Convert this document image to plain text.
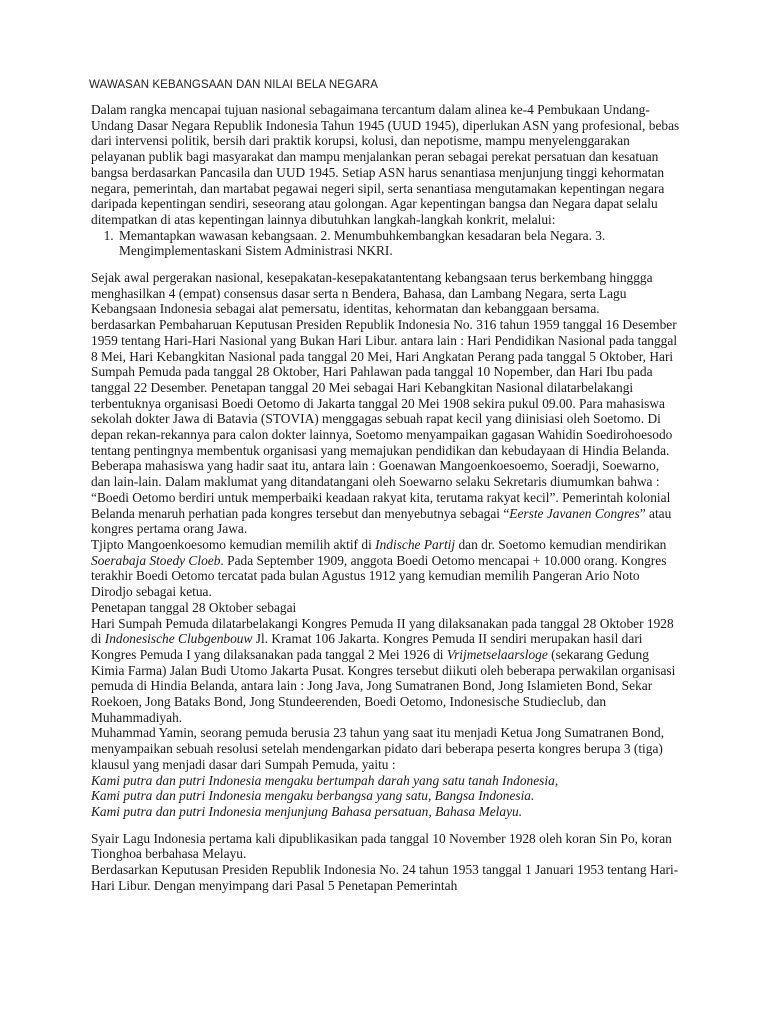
WAWASAN KEBANGSAAN DAN NILAI BELA NEGARA

Dalam rangka mencapai tujuan nasional sebagaimana tercantum dalam alinea ke-4 Pembukaan Undang-Undang Dasar Negara Republik Indonesia Tahun 1945 (UUD 1945), diperlukan ASN yang profesional, bebas dari intervensi politik, bersih dari praktik korupsi, kolusi, dan nepotisme, mampu menyelenggarakan pelayanan publik bagi masyarakat dan mampu menjalankan peran sebagai perekat persatuan dan kesatuan bangsa berdasarkan Pancasila dan UUD 1945. Setiap ASN harus senantiasa menjunjung tinggi kehormatan negara, pemerintah, dan martabat pegawai negeri sipil, serta senantiasa mengutamakan kepentingan negara daripada kepentingan sendiri, seseorang atau golongan. Agar kepentingan bangsa dan Negara dapat selalu ditempatkan di atas kepentingan lainnya dibutuhkan langkah-langkah konkrit, melalui:

1. Memantapkan wawasan kebangsaan. 2. Menumbuhkembangkan kesadaran bela Negara. 3. Mengimplementaskani Sistem Administrasi NKRI.

Sejak awal pergerakan nasional, kesepakatan-kesepakatantentang kebangsaan terus berkembang hinggga menghasilkan 4 (empat) consensus dasar serta n Bendera, Bahasa, dan Lambang Negara, serta Lagu Kebangsaan Indonesia sebagai alat pemersatu, identitas, kehormatan dan kebanggaan bersama.

berdasarkan Pembaharuan Keputusan Presiden Republik Indonesia No. 316 tahun 1959 tanggal 16 Desember 1959 tentang Hari-Hari Nasional yang Bukan Hari Libur. antara lain : Hari Pendidikan Nasional pada tanggal 8 Mei, Hari Kebangkitan Nasional pada tanggal 20 Mei, Hari Angkatan Perang pada tanggal 5 Oktober, Hari Sumpah Pemuda pada tanggal 28 Oktober, Hari Pahlawan pada tanggal 10 Nopember, dan Hari Ibu pada tanggal 22 Desember. Penetapan tanggal 20 Mei sebagai Hari Kebangkitan Nasional dilatarbelakangi terbentuknya organisasi Boedi Oetomo di Jakarta tanggal 20 Mei 1908 sekira pukul 09.00. Para mahasiswa sekolah dokter Jawa di Batavia (STOVIA) menggagas sebuah rapat kecil yang diinisiasi oleh Soetomo. Di depan rekan-rekannya para calon dokter lainnya, Soetomo menyampaikan gagasan Wahidin Soedirohoesodo tentang pentingnya membentuk organisasi yang memajukan pendidikan dan kebudayaan di Hindia Belanda. Beberapa mahasiswa yang hadir saat itu, antara lain : Goenawan Mangoenkoesoemo, Soeradji, Soewarno, dan lain-lain. Dalam maklumat yang ditandatangani oleh Soewarno selaku Sekretaris diumumkan bahwa : “Boedi Oetomo berdiri untuk memperbaiki keadaan rakyat kita, terutama rakyat kecil”. Pemerintah kolonial Belanda menaruh perhatian pada kongres tersebut dan menyebutnya sebagai “Eerste Javanen Congres” atau kongres pertama orang Jawa.

Tjipto Mangoenkoesomo kemudian memilih aktif di Indische Partij dan dr. Soetomo kemudian mendirikan Soerabaja Stoedy Cloeb. Pada September 1909, anggota Boedi Oetomo mencapai + 10.000 orang. Kongres terakhir Boedi Oetomo tercatat pada bulan Agustus 1912 yang kemudian memilih Pangeran Ario Noto Dirodjo sebagai ketua.

Penetapan tanggal 28 Oktober sebagai

Hari Sumpah Pemuda dilatarbelakangi Kongres Pemuda II yang dilaksanakan pada tanggal 28 Oktober 1928 di Indonesische Clubgenbouw Jl. Kramat 106 Jakarta. Kongres Pemuda II sendiri merupakan hasil dari Kongres Pemuda I yang dilaksanakan pada tanggal 2 Mei 1926 di Vrijmetselaarsloge (sekarang Gedung Kimia Farma) Jalan Budi Utomo Jakarta Pusat. Kongres tersebut diikuti oleh beberapa perwakilan organisasi pemuda di Hindia Belanda, antara lain : Jong Java, Jong Sumatranen Bond, Jong Islamieten Bond, Sekar Roekoen, Jong Bataks Bond, Jong Stundeerenden, Boedi Oetomo, Indonesische Studieclub, dan Muhammadiyah.

Muhammad Yamin, seorang pemuda berusia 23 tahun yang saat itu menjadi Ketua Jong Sumatranen Bond, menyampaikan sebuah resolusi setelah mendengarkan pidato dari beberapa peserta kongres berupa 3 (tiga) klausul yang menjadi dasar dari Sumpah Pemuda, yaitu :

Kami putra dan putri Indonesia mengaku bertumpah darah yang satu tanah Indonesia,

Kami putra dan putri Indonesia mengaku berbangsa yang satu, Bangsa Indonesia.

Kami putra dan putri Indonesia menjunjung Bahasa persatuan, Bahasa Melayu.

Syair Lagu Indonesia pertama kali dipublikasikan pada tanggal 10 November 1928 oleh koran Sin Po, koran Tionghoa berbahasa Melayu.

Berdasarkan Keputusan Presiden Republik Indonesia No. 24 tahun 1953 tanggal 1 Januari 1953 tentang Hari-Hari Libur. Dengan menyimpang dari Pasal 5 Penetapan Pemerintah
